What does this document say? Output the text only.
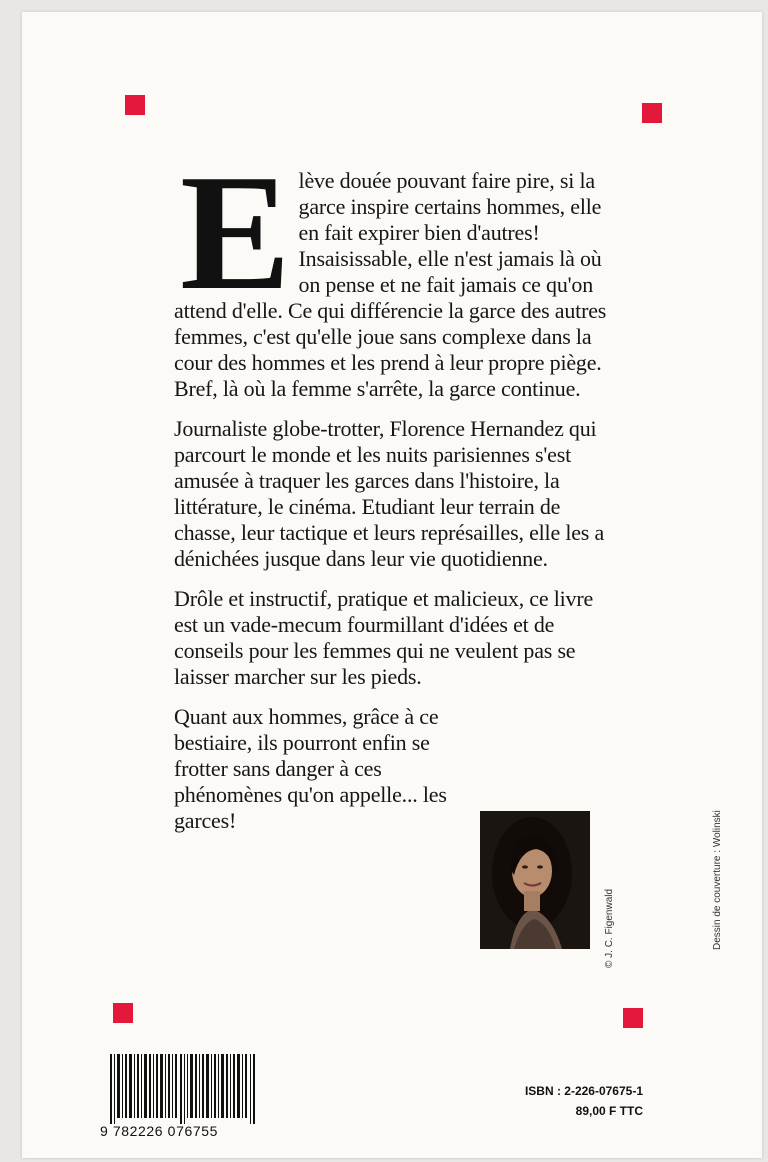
Elève douée pouvant faire pire, si la garce inspire certains hommes, elle en fait expirer bien d'autres! Insaisissable, elle n'est jamais là où on pense et ne fait jamais ce qu'on attend d'elle. Ce qui différencie la garce des autres femmes, c'est qu'elle joue sans complexe dans la cour des hommes et les prend à leur propre piège. Bref, là où la femme s'arrête, la garce continue.

Journaliste globe-trotter, Florence Hernandez qui parcourt le monde et les nuits parisiennes s'est amusée à traquer les garces dans l'histoire, la littérature, le cinéma. Etudiant leur terrain de chasse, leur tactique et leurs représailles, elle les a dénichées jusque dans leur vie quotidienne.

Drôle et instructif, pratique et malicieux, ce livre est un vade-mecum fourmillant d'idées et de conseils pour les femmes qui ne veulent pas se laisser marcher sur les pieds.

Quant aux hommes, grâce à ce bestiaire, ils pourront enfin se frotter sans danger à ces phénomènes qu'on appelle... les garces!

© J. C. Figenwald	Dessin de couverture : Wolinski
9 782226 076755
ISBN : 2-226-07675-1
89,00 F TTC
